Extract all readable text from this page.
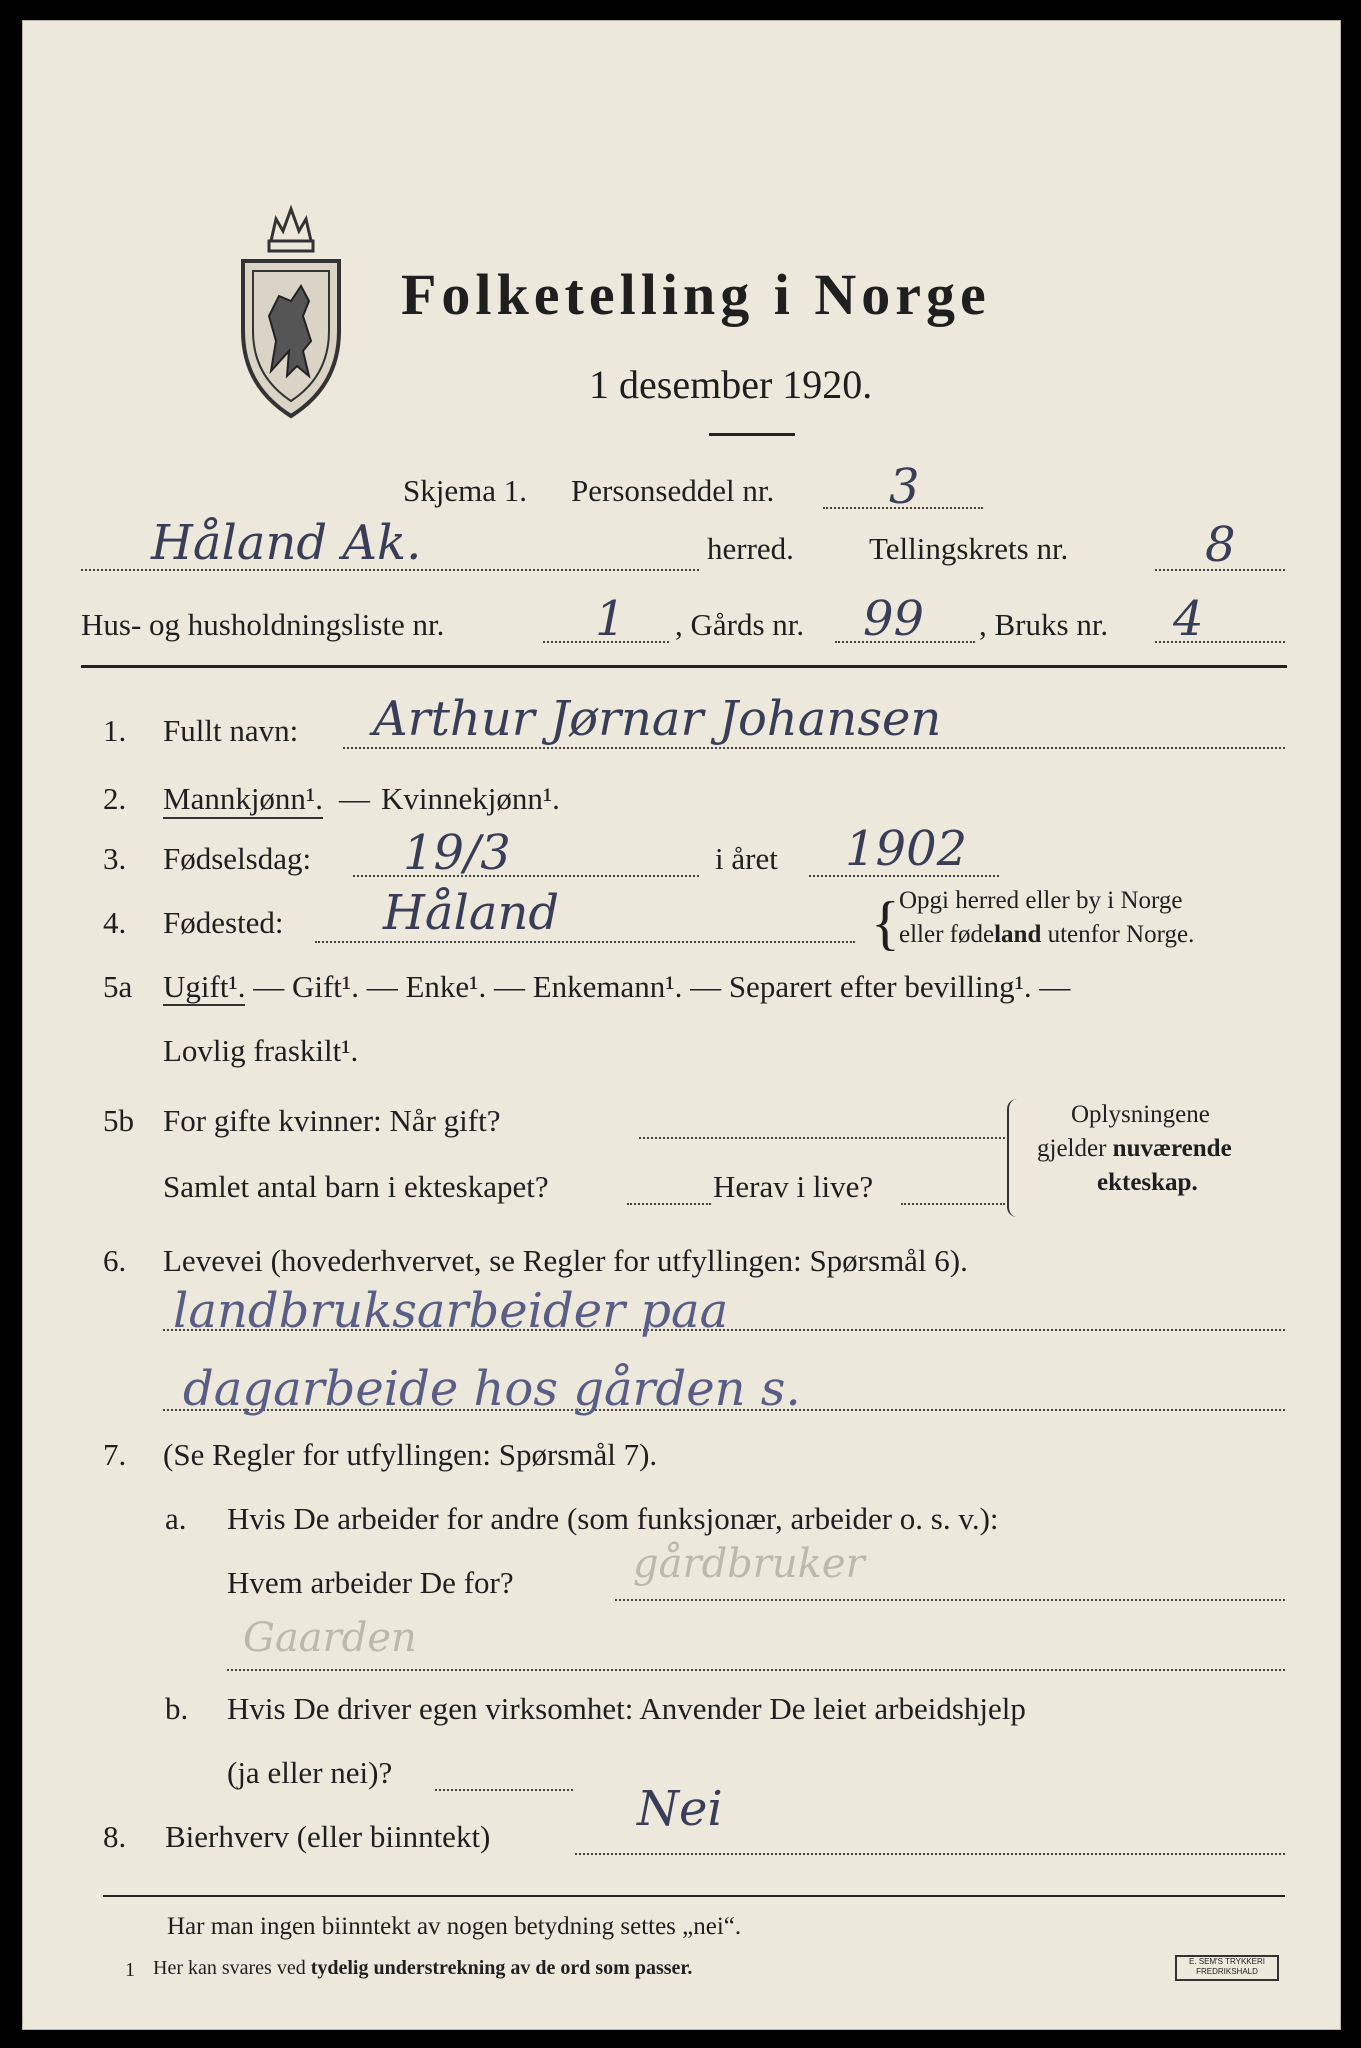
Folketelling i Norge
1 desember 1920.
Skjema 1. Personseddel nr. 3
Håland Ak.	herred. Tellingskrets nr.	8
Hus- og husholdningsliste nr.	1 , Gårds nr. 99 , Bruks nr. 4
1. Fullt navn: Arthur Jørnar Johansen
2. Mannkjønn¹. — Kvinnekjønn¹.
3. Fødselsdag: 19/3	i året 1902
4. Fødested: Håland	{ Opgi herred eller by i Norge
eller fødeland utenfor Norge.
5a Ugift¹. — Gift¹. — Enke¹. — Enkemann¹. — Separert efter bevilling¹. —
Lovlig fraskilt¹.
5b For gifte kvinner: Når gift?
Samlet antal barn i ekteskapet?	Herav i live?
Oplysningene
gjelder nuværende
ekteskap.
6. Levevei (hovederhvervet, se Regler for utfyllingen: Spørsmål 6).
landbruksarbeider paa
dagarbeide hos gården s.
7. (Se Regler for utfyllingen: Spørsmål 7).
a. Hvis De arbeider for andre (som funksjonær, arbeider o. s. v.):
Hvem arbeider De for?	gårdbruker
Gaarden
b. Hvis De driver egen virksomhet: Anvender De leiet arbeidshjelp
(ja eller nei)?
8. Bierhverv (eller biinntekt)	Nei
Har man ingen biinntekt av nogen betydning settes „nei“.
1 Her kan svares ved tydelig understrekning av de ord som passer.	E. SEM'S TRYKKERI
FREDRIKSHALD
